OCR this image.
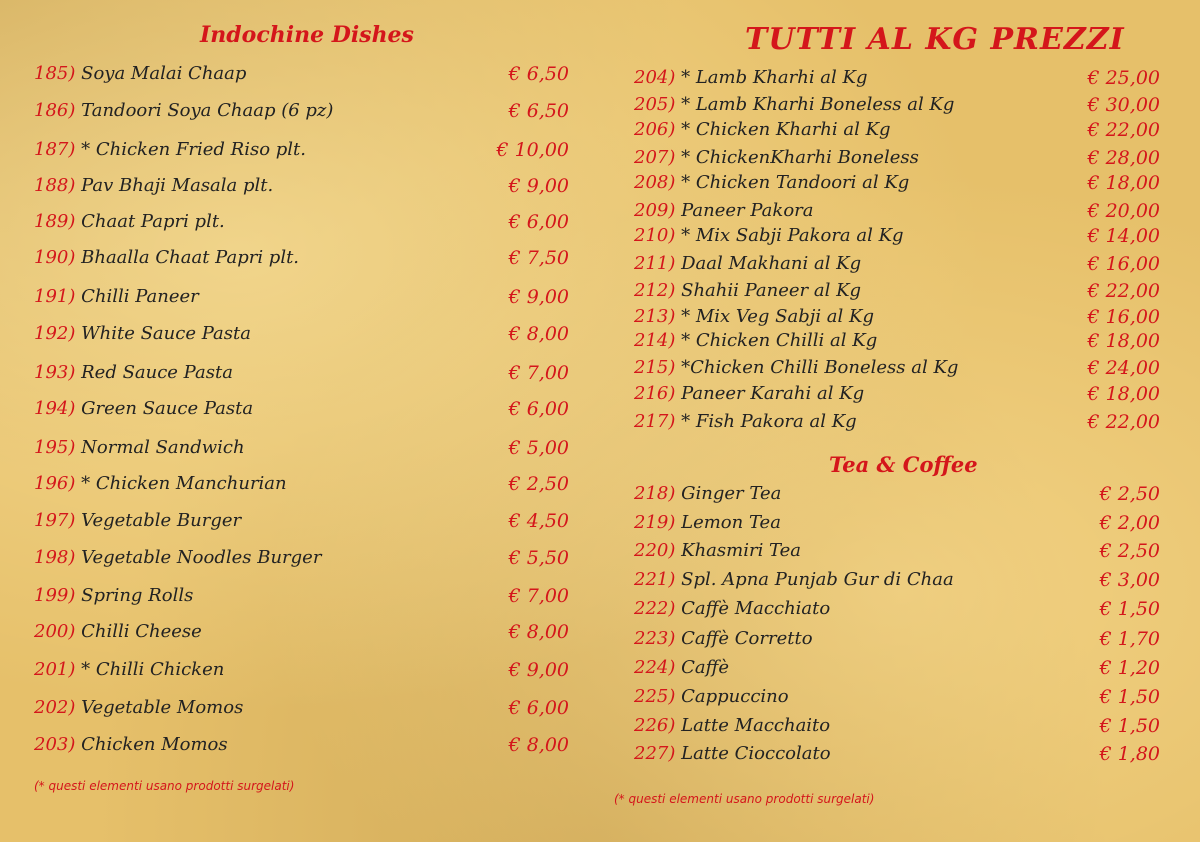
Indochine Dishes
185) Soya Malai Chaap	€ 6,50
186) Tandoori Soya Chaap (6 pz)	€ 6,50
187) * Chicken Fried Riso plt.	€ 10,00
188) Pav Bhaji Masala plt.	€ 9,00
189) Chaat Papri plt.	€ 6,00
190) Bhaalla Chaat Papri plt.	€ 7,50
191) Chilli Paneer	€ 9,00
192) White Sauce Pasta	€ 8,00
193) Red Sauce Pasta	€ 7,00
194) Green Sauce Pasta	€ 6,00
195) Normal Sandwich	€ 5,00
196) * Chicken Manchurian	€ 2,50
197) Vegetable Burger	€ 4,50
198) Vegetable Noodles Burger	€ 5,50
199) Spring Rolls	€ 7,00
200) Chilli Cheese	€ 8,00
201) * Chilli Chicken	€ 9,00
202) Vegetable Momos	€ 6,00
203) Chicken Momos	€ 8,00
(* questi elementi usano prodotti surgelati)
TUTTI AL KG PREZZI
204) * Lamb Kharhi al Kg	€ 25,00
205) * Lamb Kharhi Boneless al Kg	€ 30,00
206) * Chicken Kharhi al Kg	€ 22,00
207) * ChickenKharhi Boneless	€ 28,00
208) * Chicken Tandoori al Kg	€ 18,00
209) Paneer Pakora	€ 20,00
210) * Mix Sabji Pakora al Kg	€ 14,00
211) Daal Makhani al Kg	€ 16,00
212) Shahii Paneer al Kg	€ 22,00
213) * Mix Veg Sabji al Kg	€ 16,00
214) * Chicken Chilli al Kg	€ 18,00
215) *Chicken Chilli Boneless al Kg	€ 24,00
216) Paneer Karahi al Kg	€ 18,00
217) * Fish Pakora al Kg	€ 22,00
Tea & Coffee
218) Ginger Tea	€ 2,50
219) Lemon Tea	€ 2,00
220) Khasmiri Tea	€ 2,50
221) Spl. Apna Punjab Gur di Chaa	€ 3,00
222) Caffè Macchiato	€ 1,50
223) Caffè Corretto	€ 1,70
224) Caffè	€ 1,20
225) Cappuccino	€ 1,50
226) Latte Macchaito	€ 1,50
227) Latte Cioccolato	€ 1,80
(* questi elementi usano prodotti surgelati)
